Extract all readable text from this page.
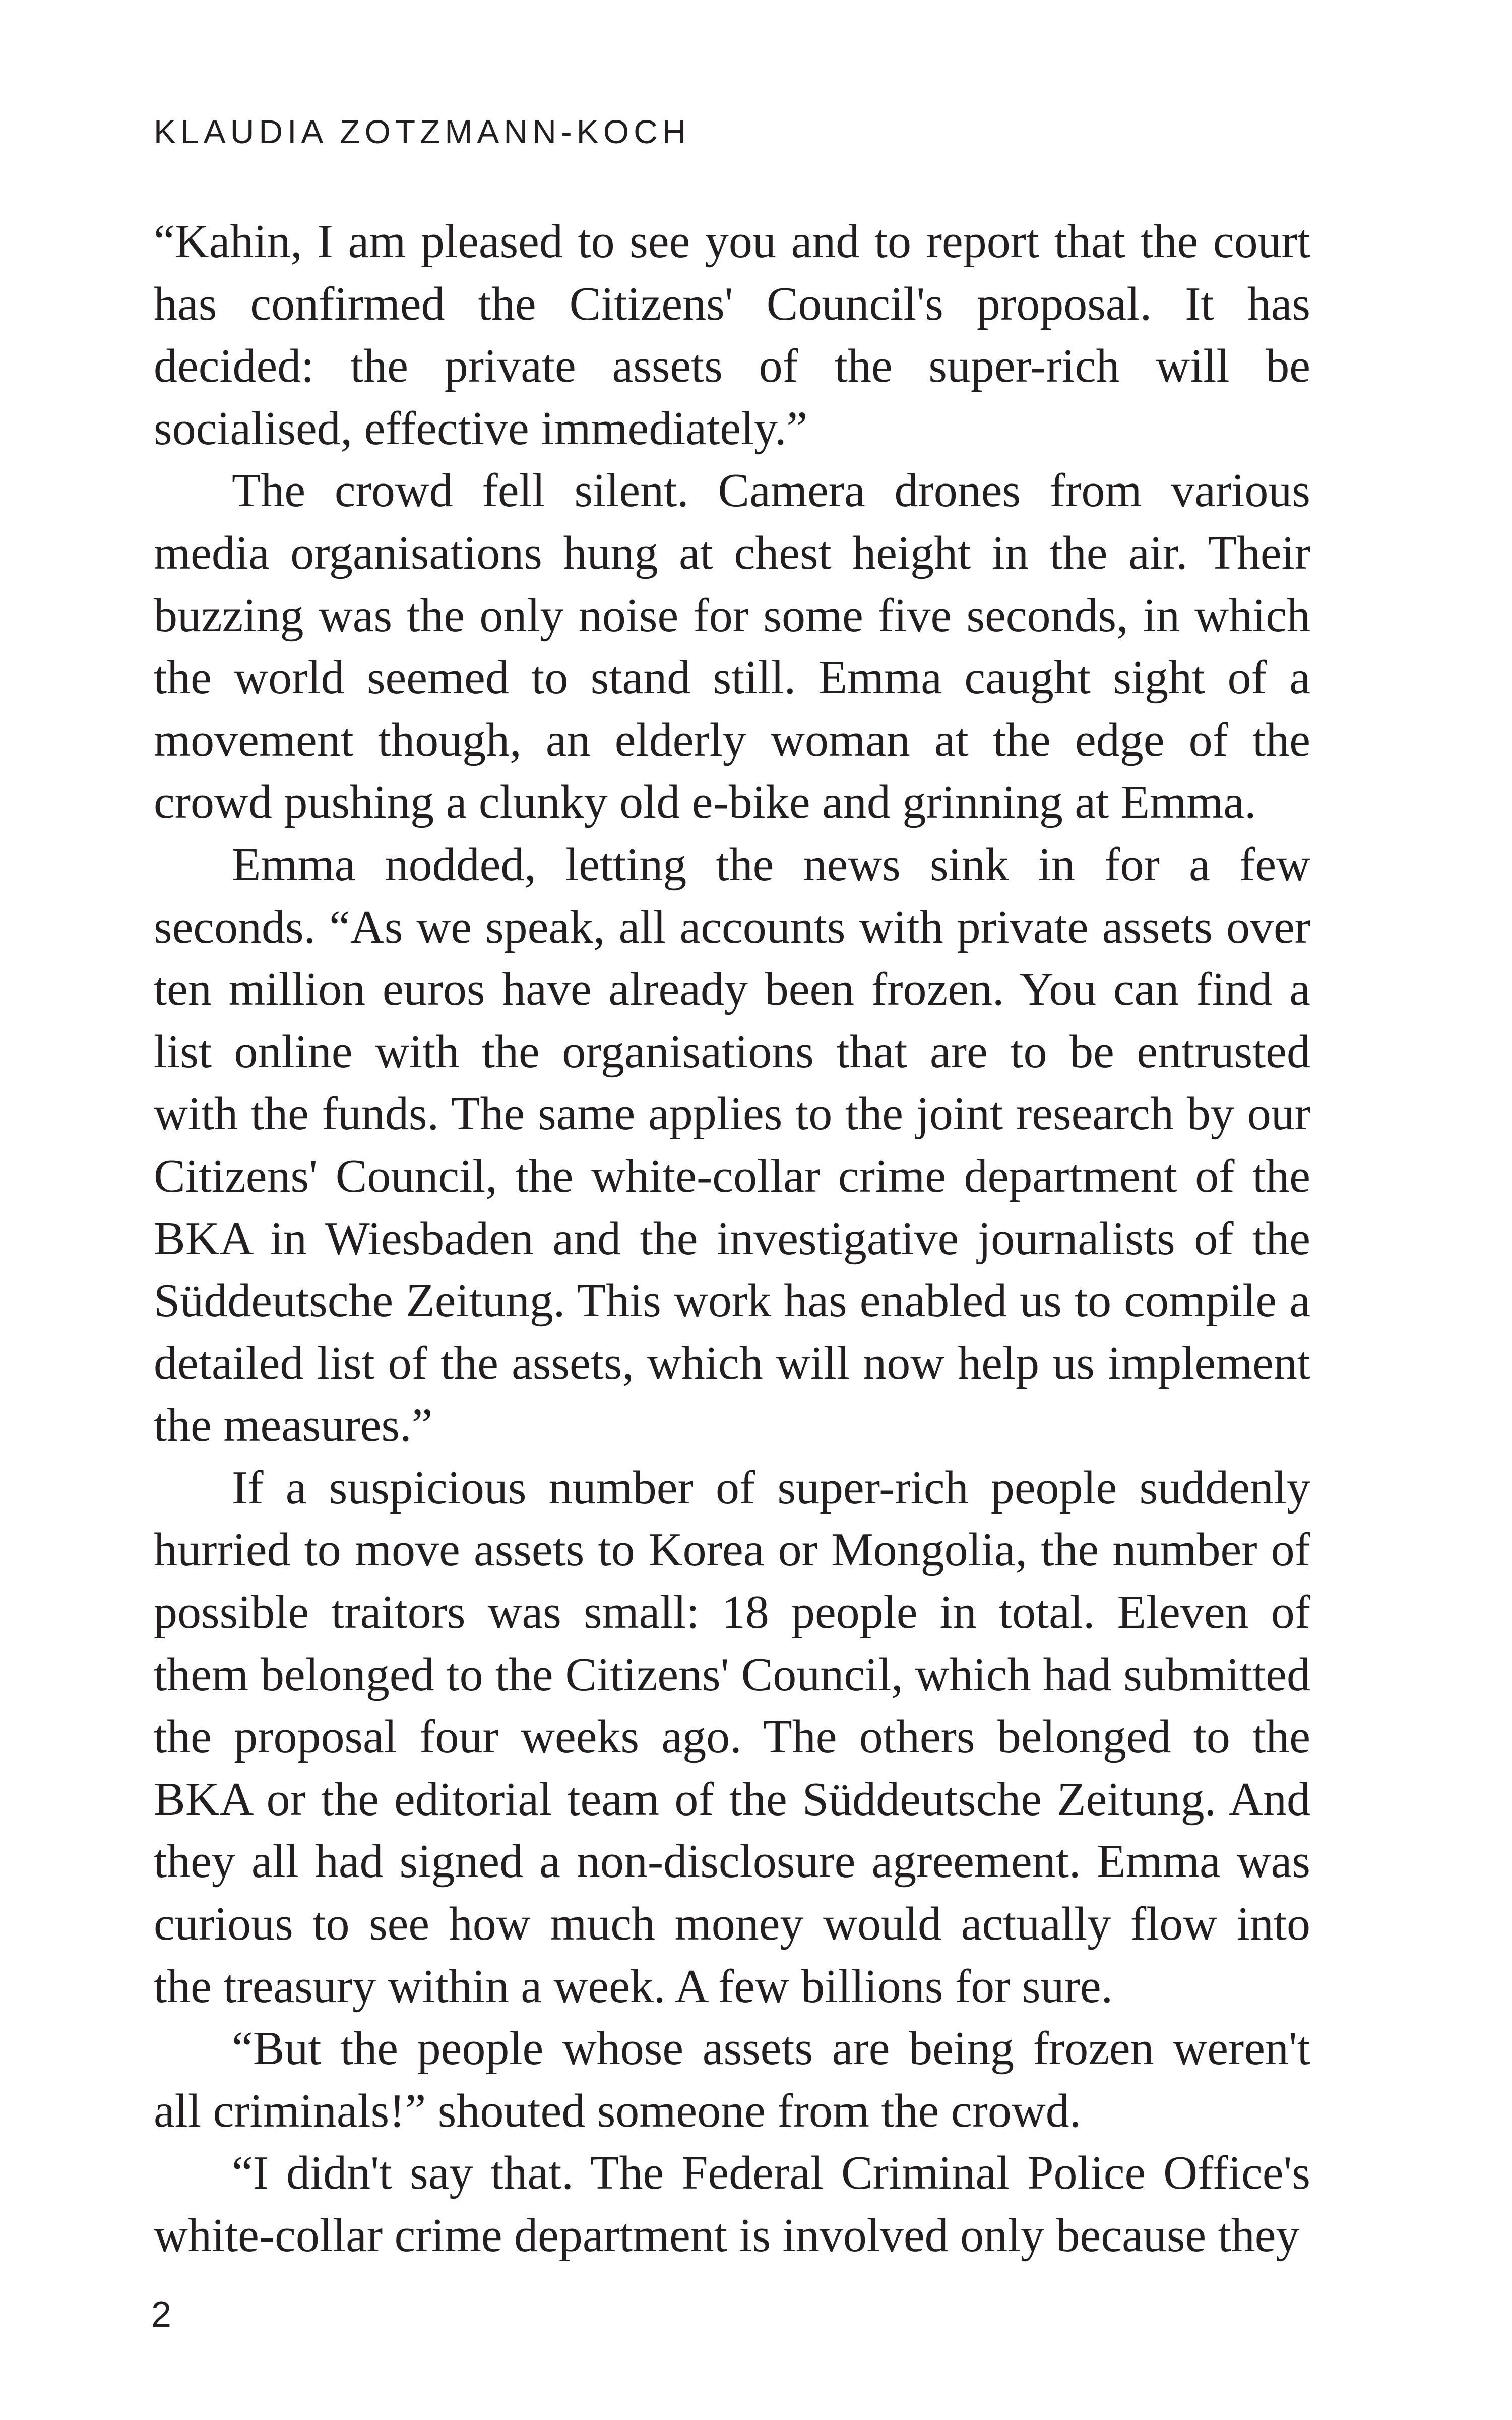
KLAUDIA ZOTZMANN-KOCH

“Kahin, I am pleased to see you and to report that the court has confirmed the Citizens' Council's proposal. It has decided: the private assets of the super-rich will be socialised, effective immediately.”

The crowd fell silent. Camera drones from various media organisations hung at chest height in the air. Their buzzing was the only noise for some five seconds, in which the world seemed to stand still. Emma caught sight of a movement though, an elderly woman at the edge of the crowd pushing a clunky old e-bike and grinning at Emma.

Emma nodded, letting the news sink in for a few seconds. “As we speak, all accounts with private assets over ten million euros have already been frozen. You can find a list online with the organisations that are to be entrusted with the funds. The same applies to the joint research by our Citizens' Council, the white-collar crime department of the BKA in Wiesbaden and the investigative journalists of the Süddeutsche Zeitung. This work has enabled us to compile a detailed list of the assets, which will now help us implement the measures.”

If a suspicious number of super-rich people suddenly hurried to move assets to Korea or Mongolia, the number of possible traitors was small: 18 people in total. Eleven of them belonged to the Citizens' Council, which had submitted the proposal four weeks ago. The others belonged to the BKA or the editorial team of the Süddeutsche Zeitung. And they all had signed a non-disclosure agreement. Emma was curious to see how much money would actually flow into the treasury within a week. A few billions for sure.

“But the people whose assets are being frozen weren't all criminals!” shouted someone from the crowd.

“I didn't say that. The Federal Criminal Police Office's white-collar crime department is involved only because they

2
